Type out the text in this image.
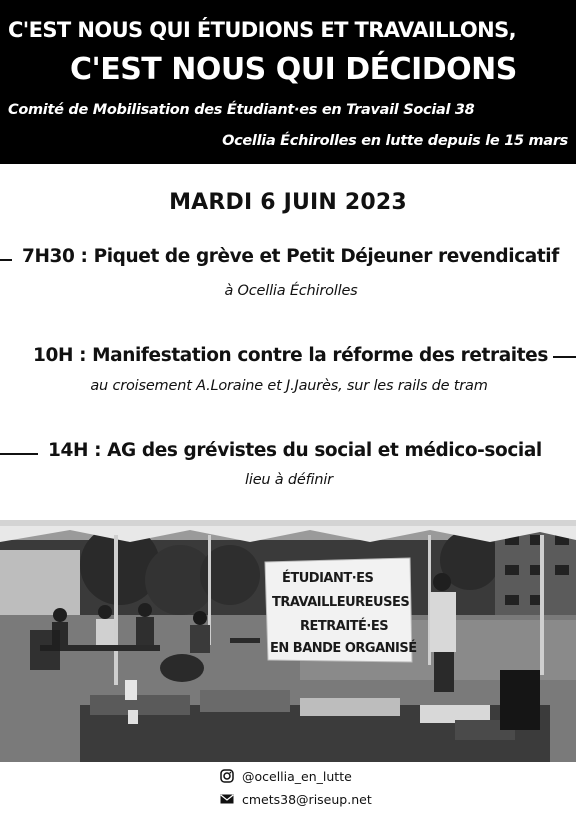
C'EST NOUS QUI ÉTUDIONS ET TRAVAILLONS,
C'EST NOUS QUI DÉCIDONS
Comité de Mobilisation des Étudiant·es en Travail Social 38
Ocellia Échirolles en lutte depuis le 15 mars
MARDI 6 JUIN 2023
7H30 : Piquet de grève et Petit Déjeuner revendicatif
à Ocellia Échirolles
10H : Manifestation contre la réforme des retraites
au croisement A.Loraine et J.Jaurès, sur les rails de tram
14H : AG des grévistes du social et médico-social
lieu à définir
ÉTUDIANT·ES
TRAVAILLEUREUSES
RETRAITÉ·ES
EN BANDE ORGANISÉ
@ocellia_en_lutte
cmets38@riseup.net
